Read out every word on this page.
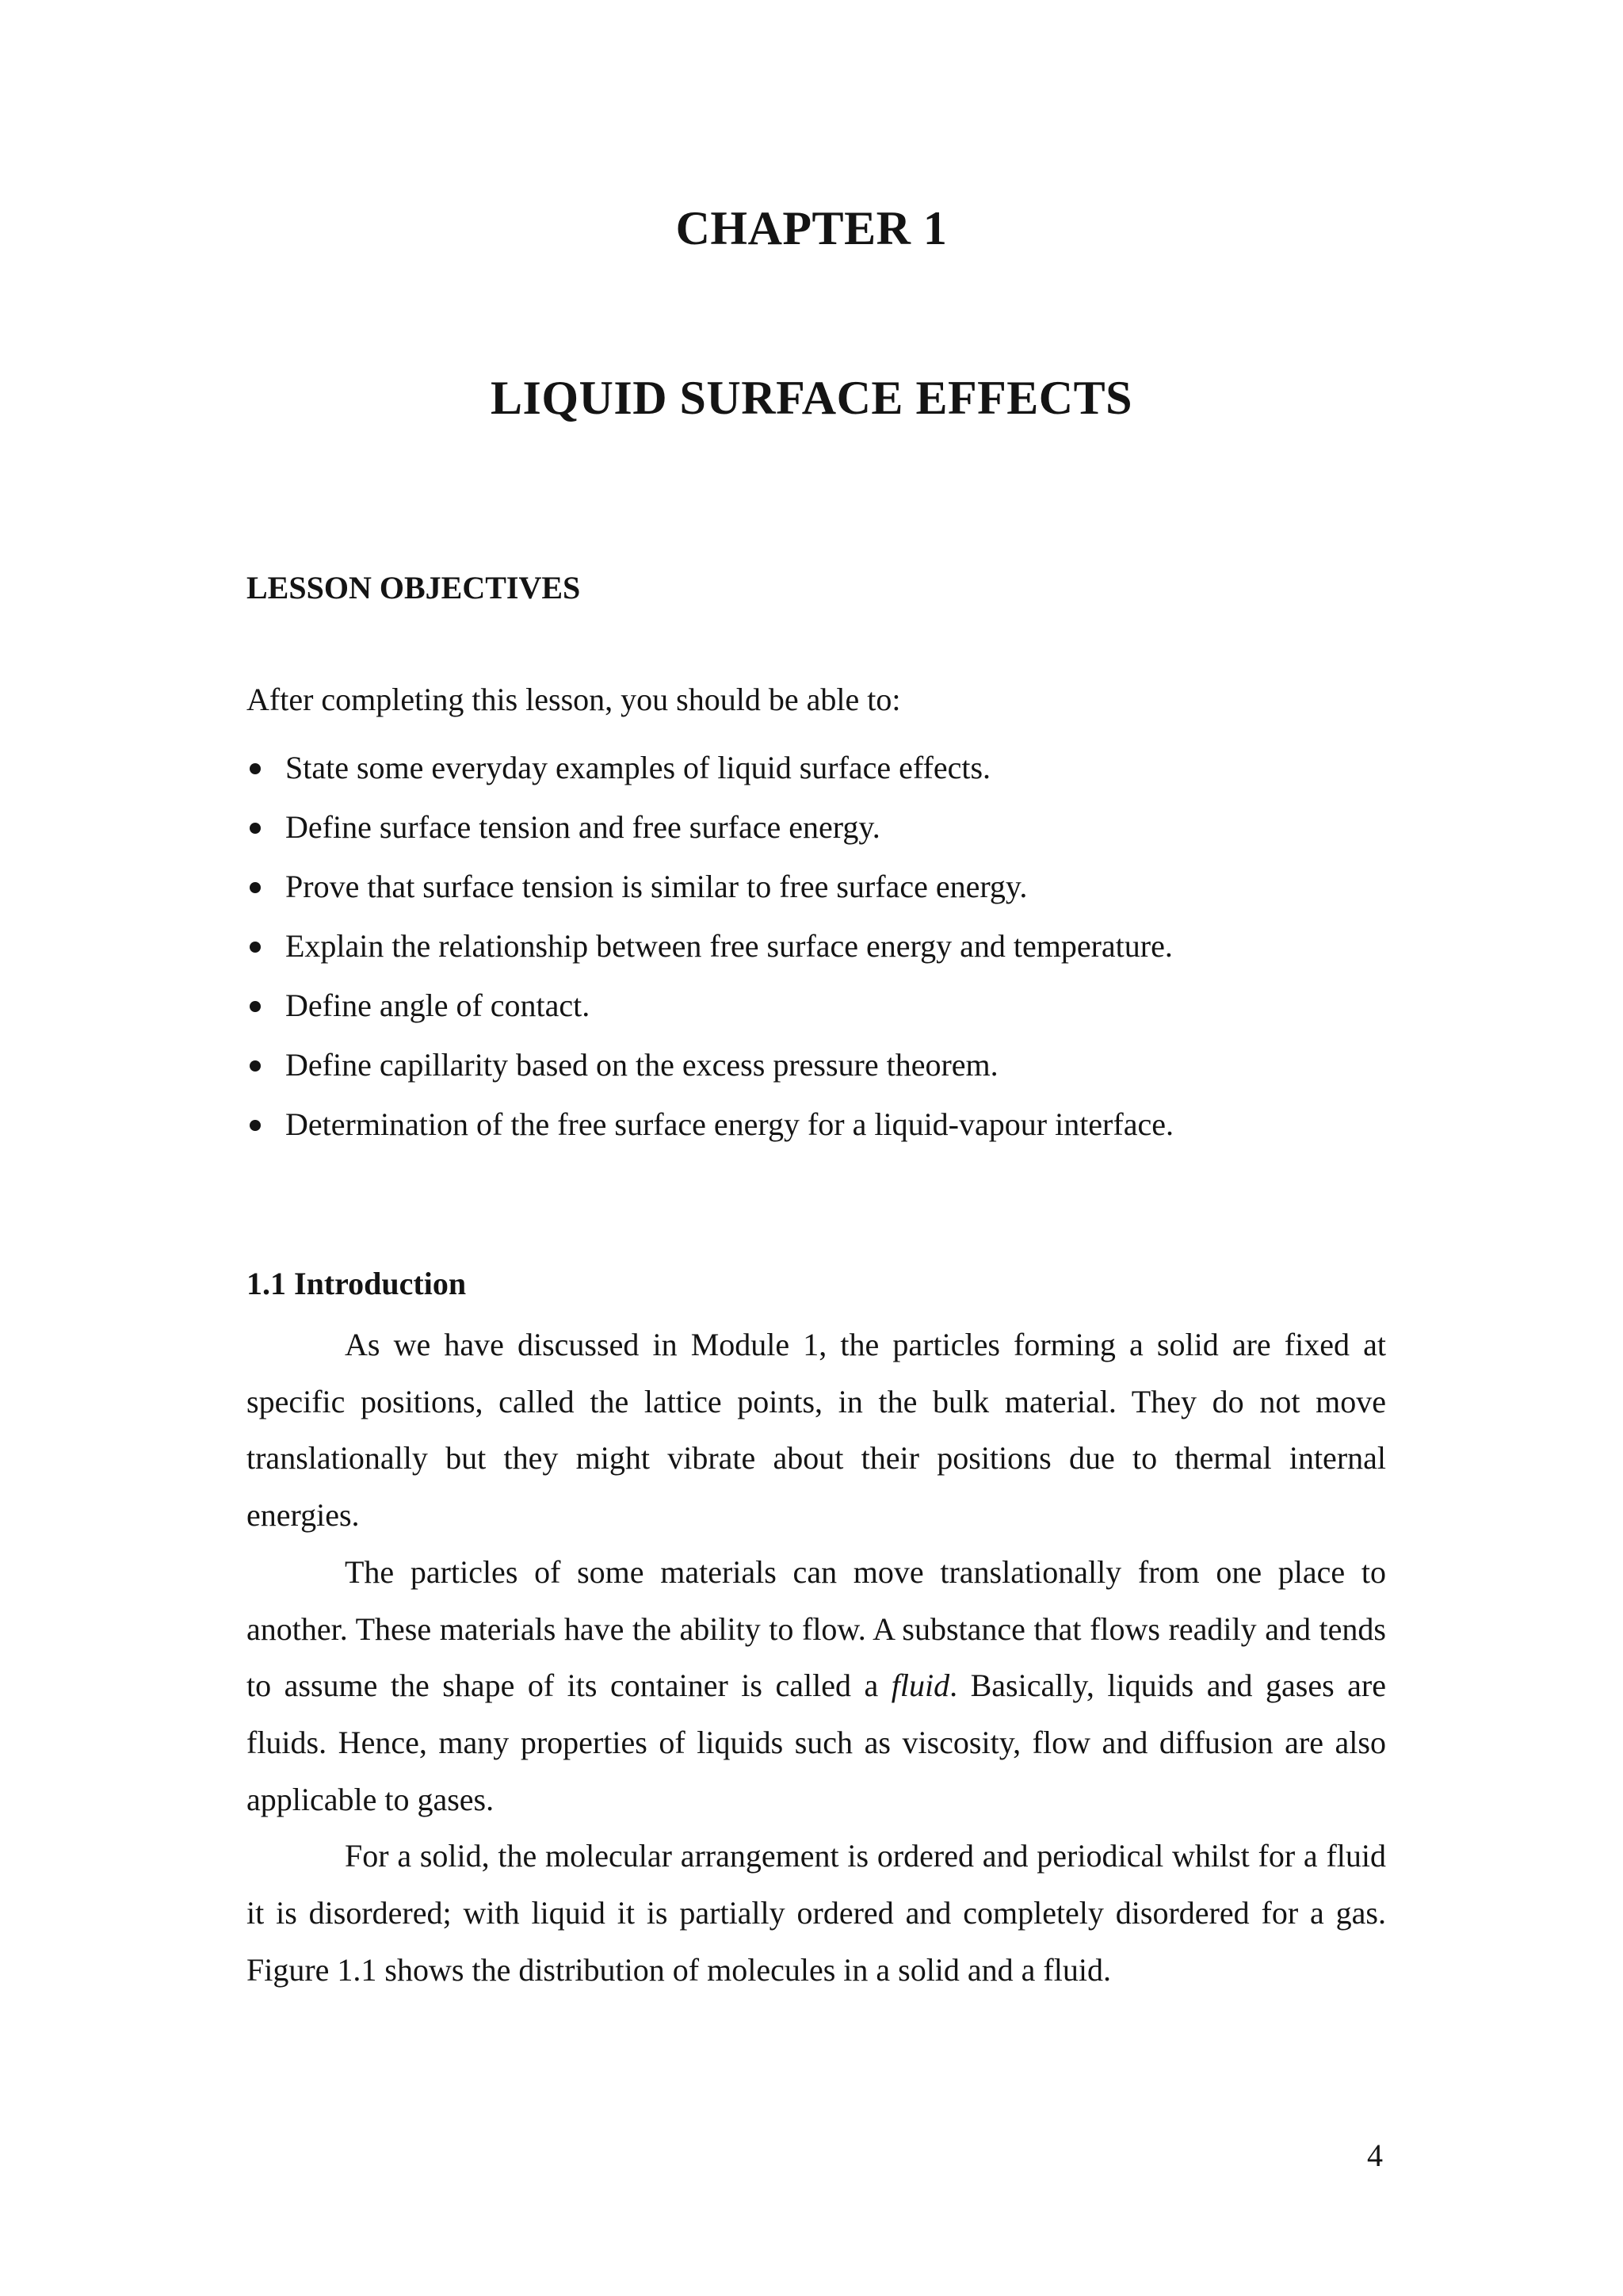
CHAPTER 1
LIQUID SURFACE EFFECTS
LESSON OBJECTIVES
After completing this lesson, you should be able to:
State some everyday examples of liquid surface effects.
Define surface tension and free surface energy.
Prove that surface tension is similar to free surface energy.
Explain the relationship between free surface energy and temperature.
Define angle of contact.
Define capillarity based on the excess pressure theorem.
Determination of the free surface energy for a liquid-vapour interface.
1.1 Introduction

As we have discussed in Module 1, the particles forming a solid are fixed at specific positions, called the lattice points, in the bulk material. They do not move translationally but they might vibrate about their positions due to thermal internal energies.

The particles of some materials can move translationally from one place to another. These materials have the ability to flow. A substance that flows readily and tends to assume the shape of its container is called a fluid. Basically, liquids and gases are fluids. Hence, many properties of liquids such as viscosity, flow and diffusion are also applicable to gases.

For a solid, the molecular arrangement is ordered and periodical whilst for a fluid it is disordered; with liquid it is partially ordered and completely disordered for a gas. Figure 1.1 shows the distribution of molecules in a solid and a fluid.

4
